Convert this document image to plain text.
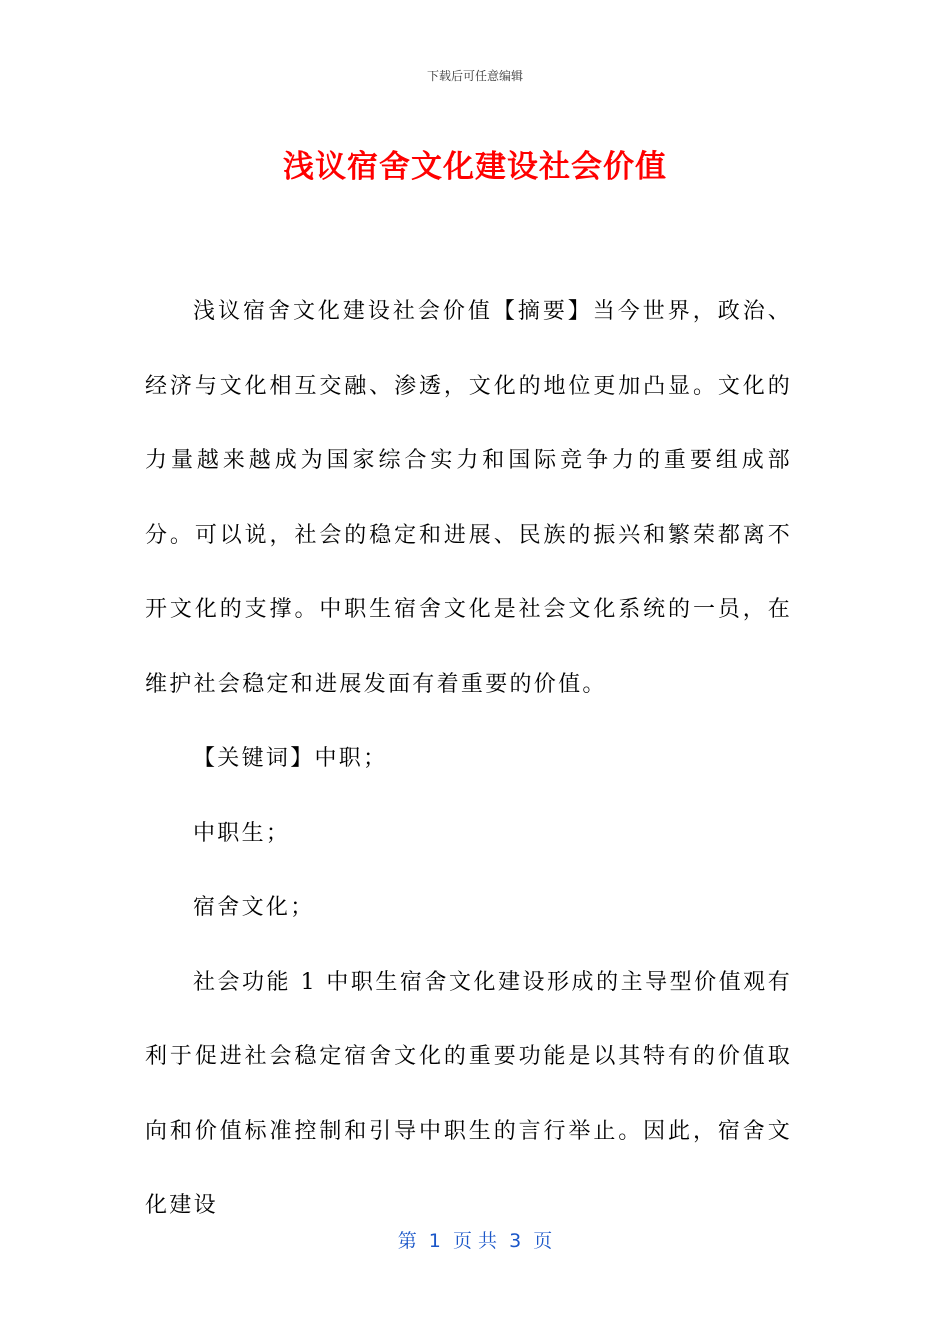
下载后可任意编辑
浅议宿舍文化建设社会价值

浅议宿舍文化建设社会价值【摘要】当今世界，政治、经济与文化相互交融、渗透，文化的地位更加凸显。文化的力量越来越成为国家综合实力和国际竞争力的重要组成部分。可以说，社会的稳定和进展、民族的振兴和繁荣都离不开文化的支撑。中职生宿舍文化是社会文化系统的一员，在维护社会稳定和进展发面有着重要的价值。

【关键词】中职；

中职生；

宿舍文化；

社会功能 1 中职生宿舍文化建设形成的主导型价值观有利于促进社会稳定宿舍文化的重要功能是以其特有的价值取向和价值标准控制和引导中职生的言行举止。因此，宿舍文化建设

第  1  页 共  3  页
